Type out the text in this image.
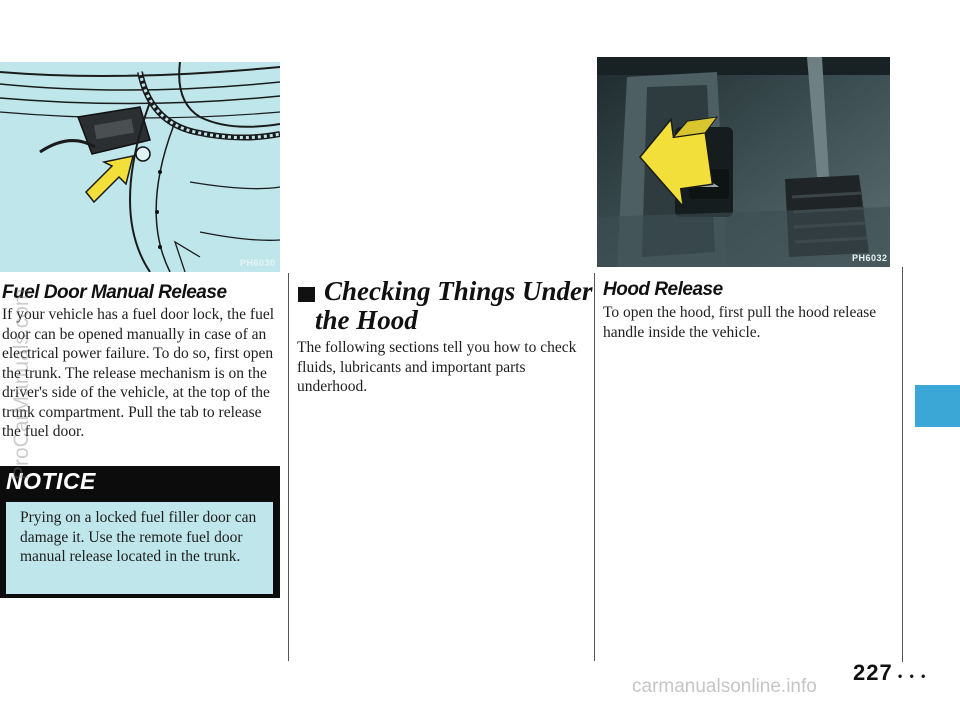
PH6030
Fuel Door Manual Release
If your vehicle has a fuel door lock, the fuel door can be opened manually in case of an electrical power failure. To do so, first open the trunk. The release mechanism is on the driver's side of the vehicle, at the top of the trunk compartment. Pull the tab to release the fuel door.
NOTICE
Prying on a locked fuel filler door can damage it. Use the remote fuel door manual release located in the trunk.
Checking Things Under
the Hood
The following sections tell you how to check fluids, lubricants and important parts underhood.
PH6032
Hood Release
To open the hood, first pull the hood release handle inside the vehicle.
227 • • •
ProCarManuals.com
carmanualsonline.info
